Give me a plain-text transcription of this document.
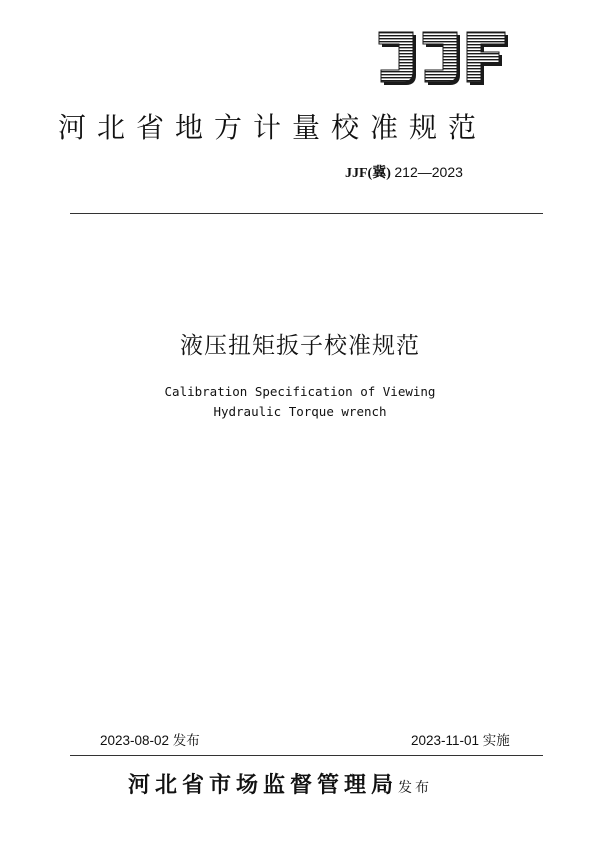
河北省地方计量校准规范
JJF(冀) 212—2023
液压扭矩扳子校准规范
Calibration Specification of Viewing
Hydraulic Torque wrench
2023-08-02 发布	2023-11-01 实施
河北省市场监督管理局发布
